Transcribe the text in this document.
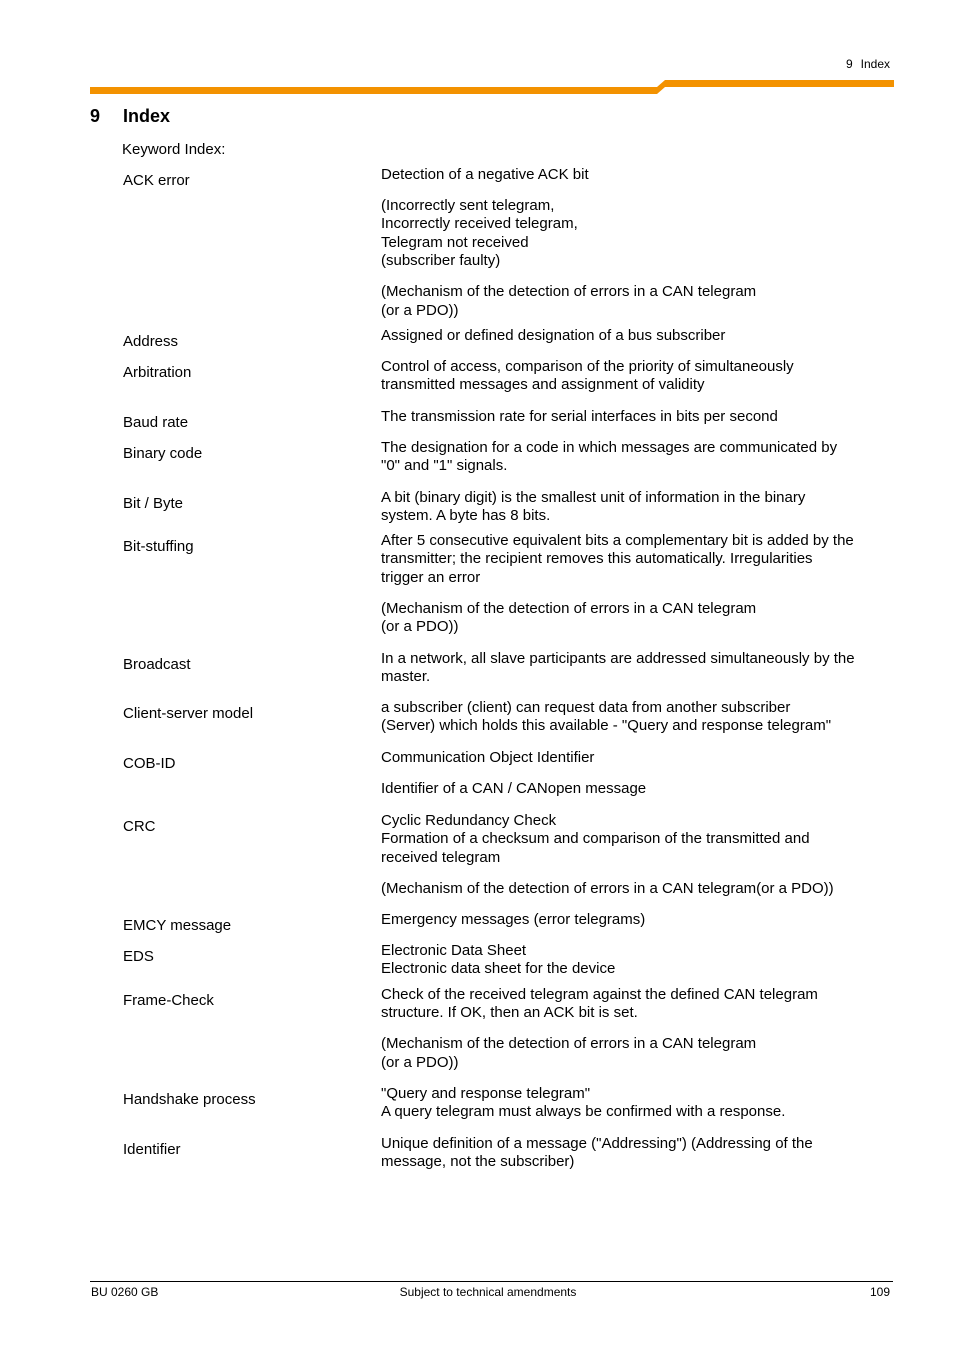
9 Index
9 Index
Keyword Index:
ACK error	Detection of a negative ACK bit
(Incorrectly sent telegram,
Incorrectly received telegram,
Telegram not received
(subscriber faulty)
(Mechanism of the detection of errors in a CAN telegram
(or a PDO))
Address	Assigned or defined designation of a bus subscriber
Arbitration	Control of access, comparison of the priority of simultaneously
transmitted messages and assignment of validity
Baud rate	The transmission rate for serial interfaces in bits per second
Binary code	The designation for a code in which messages are communicated by
"0" and "1" signals.
Bit / Byte	A bit (binary digit) is the smallest unit of information in the binary
system. A byte has 8 bits.
Bit-stuffing	After 5 consecutive equivalent bits a complementary bit is added by the
transmitter; the recipient removes this automatically. Irregularities
trigger an error
(Mechanism of the detection of errors in a CAN telegram
(or a PDO))
Broadcast	In a network, all slave participants are addressed simultaneously by the
master.
Client-server model	a subscriber (client) can request data from another subscriber
(Server) which holds this available - "Query and response telegram"
COB-ID	Communication Object Identifier
Identifier of a CAN / CANopen message
CRC	Cyclic Redundancy Check
Formation of a checksum and comparison of the transmitted and
received telegram
(Mechanism of the detection of errors in a CAN telegram(or a PDO))
EMCY message	Emergency messages (error telegrams)
EDS	Electronic Data Sheet
Electronic data sheet for the device
Frame-Check	Check of the received telegram against the defined CAN telegram
structure. If OK, then an ACK bit is set.
(Mechanism of the detection of errors in a CAN telegram
(or a PDO))
Handshake process	"Query and response telegram"
A query telegram must always be confirmed with a response.
Identifier	Unique definition of a message ("Addressing") (Addressing of the
message, not the subscriber)
BU 0260 GB	Subject to technical amendments	109
